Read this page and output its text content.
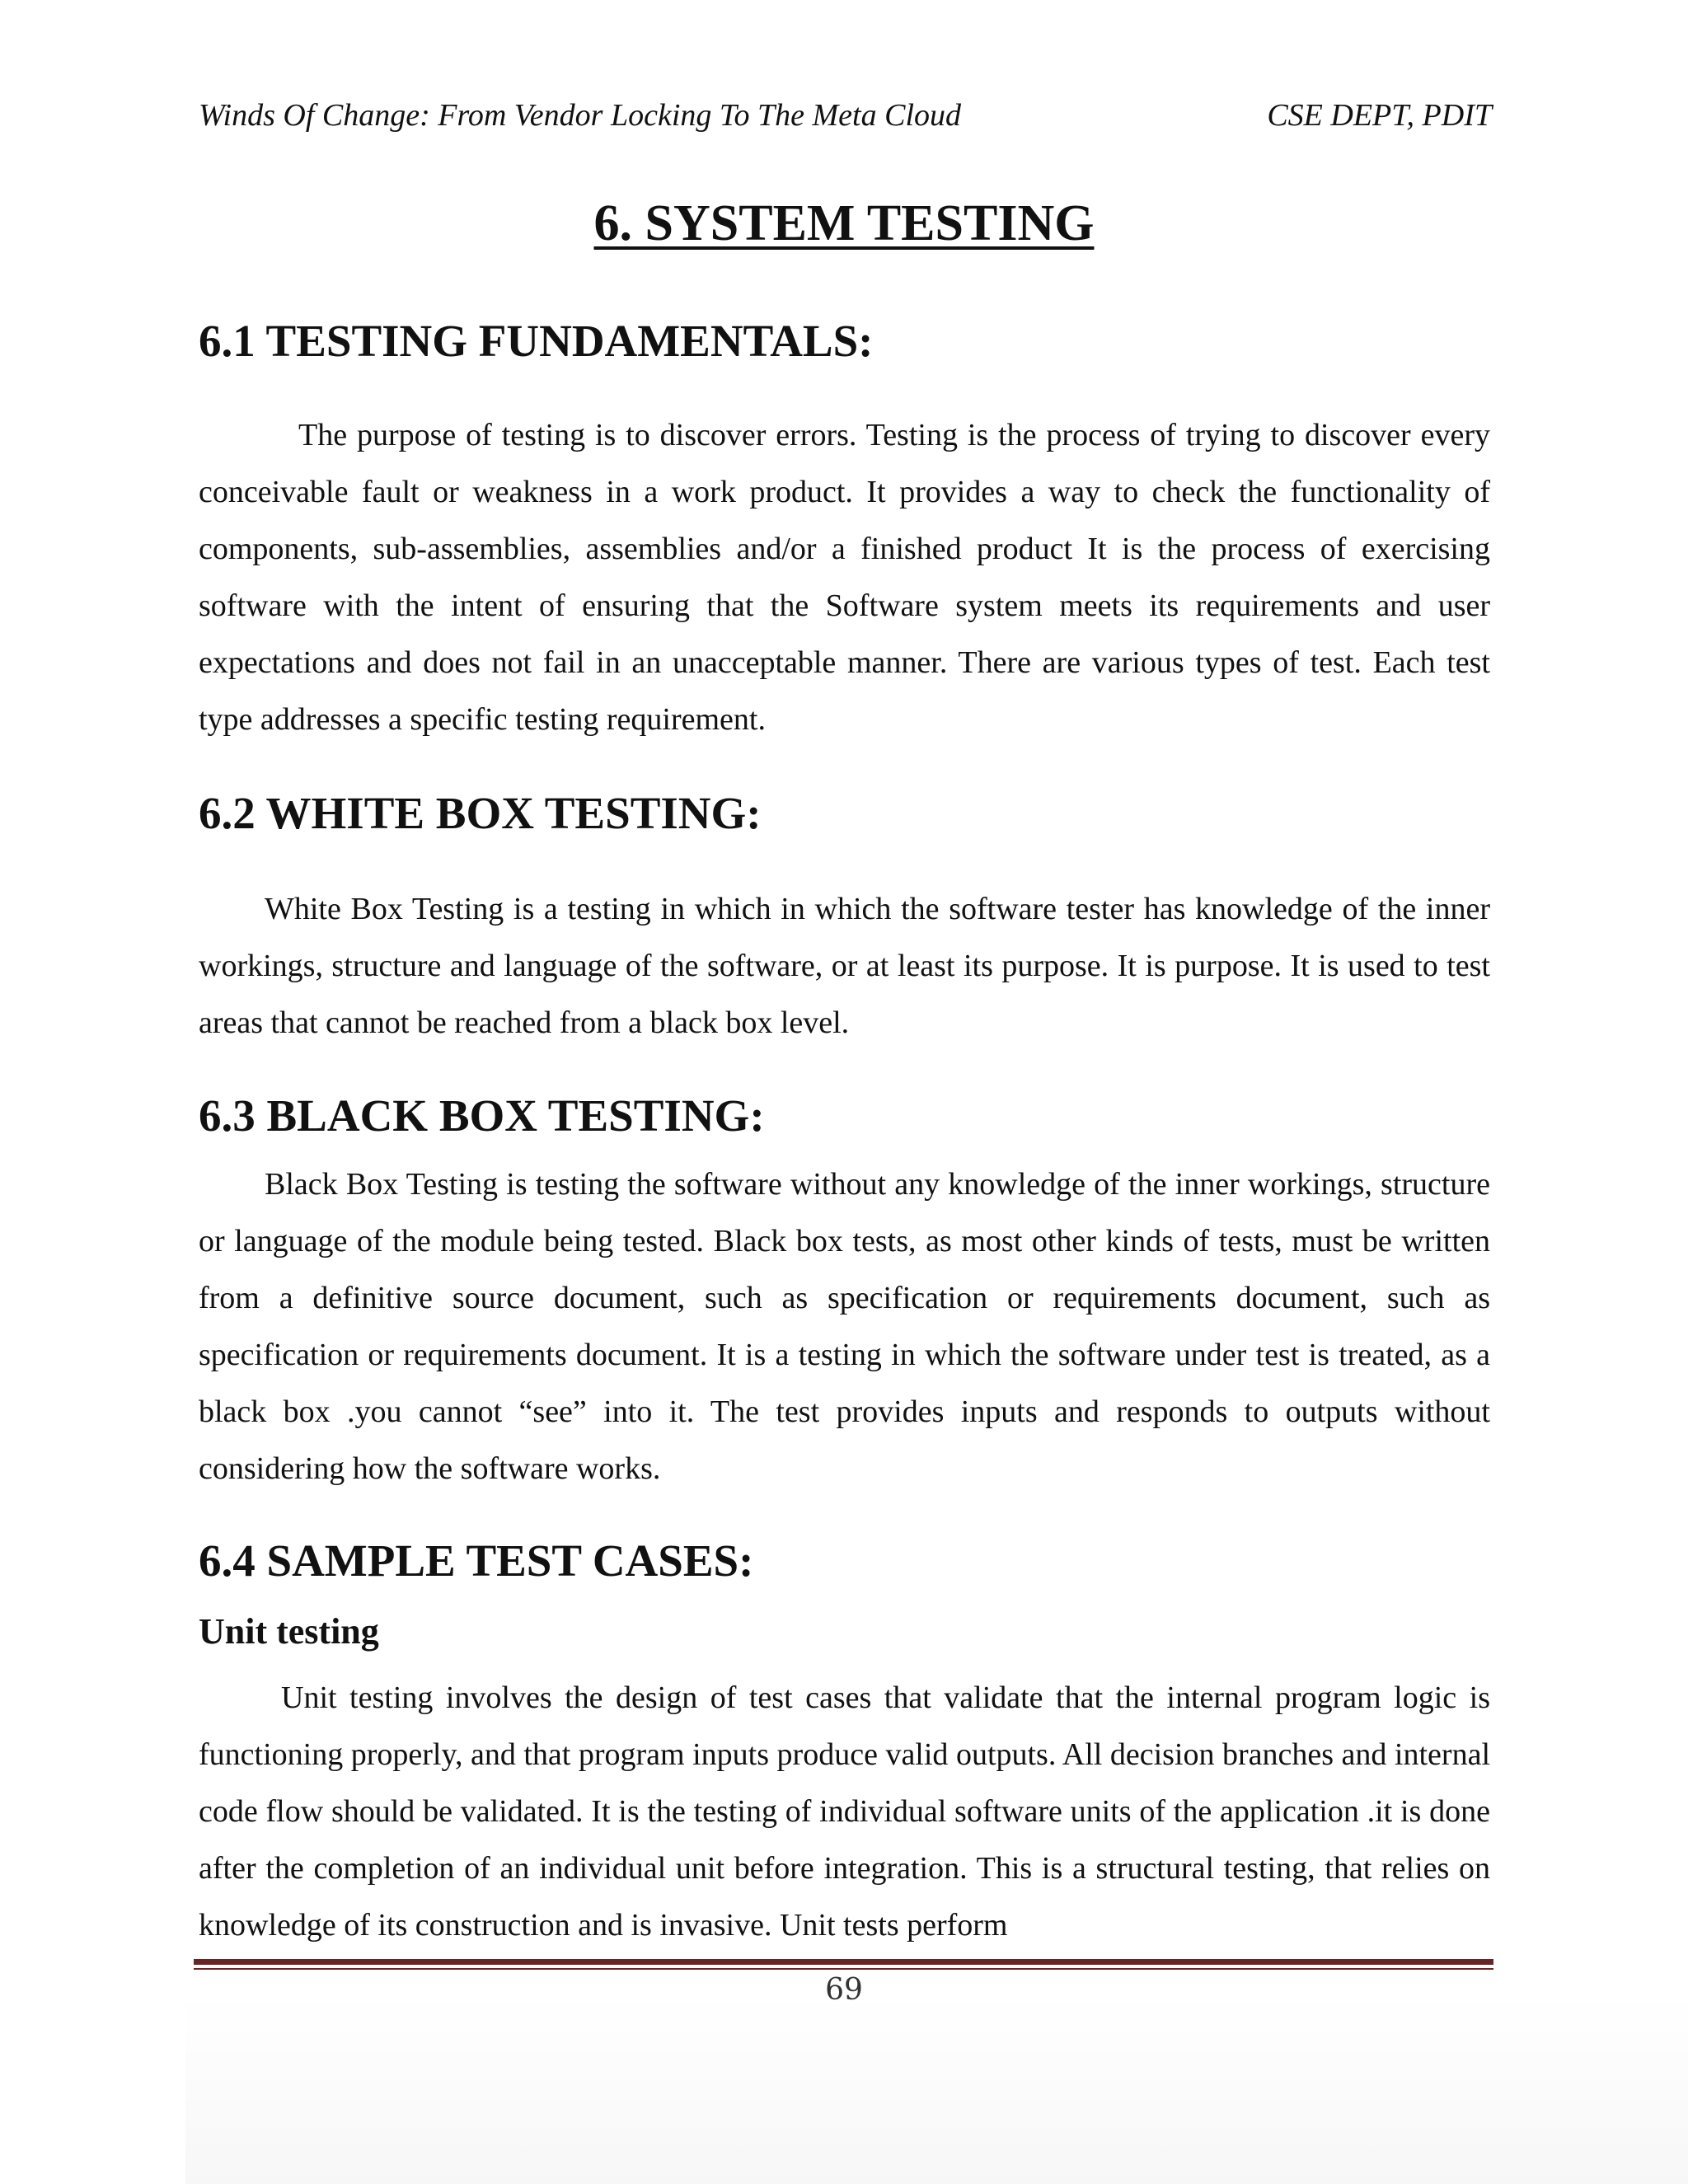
Winds Of Change: From Vendor Locking To The Meta Cloud	CSE DEPT, PDIT
6. SYSTEM TESTING
6.1 TESTING FUNDAMENTALS:

The purpose of testing is to discover errors. Testing is the process of trying to discover every conceivable fault or weakness in a work product. It provides a way to check the functionality of components, sub-assemblies, assemblies and/or a finished product It is the process of exercising software with the intent of ensuring that the Software system meets its requirements and user expectations and does not fail in an unacceptable manner. There are various types of test. Each test type addresses a specific testing requirement.

6.2 WHITE BOX TESTING:

White Box Testing is a testing in which in which the software tester has knowledge of the inner workings, structure and language of the software, or at least its purpose. It is purpose. It is used to test areas that cannot be reached from a black box level.

6.3 BLACK BOX TESTING:

Black Box Testing is testing the software without any knowledge of the inner workings, structure or language of the module being tested. Black box tests, as most other kinds of tests, must be written from a definitive source document, such as specification or requirements document, such as specification or requirements document. It is a testing in which the software under test is treated, as a black box .you cannot “see” into it. The test provides inputs and responds to outputs without considering how the software works.

6.4 SAMPLE TEST CASES:
Unit testing

Unit testing involves the design of test cases that validate that the internal program logic is functioning properly, and that program inputs produce valid outputs. All decision branches and internal code flow should be validated. It is the testing of individual software units of the application .it is done after the completion of an individual unit before integration. This is a structural testing, that relies on knowledge of its construction and is invasive. Unit tests perform

69
